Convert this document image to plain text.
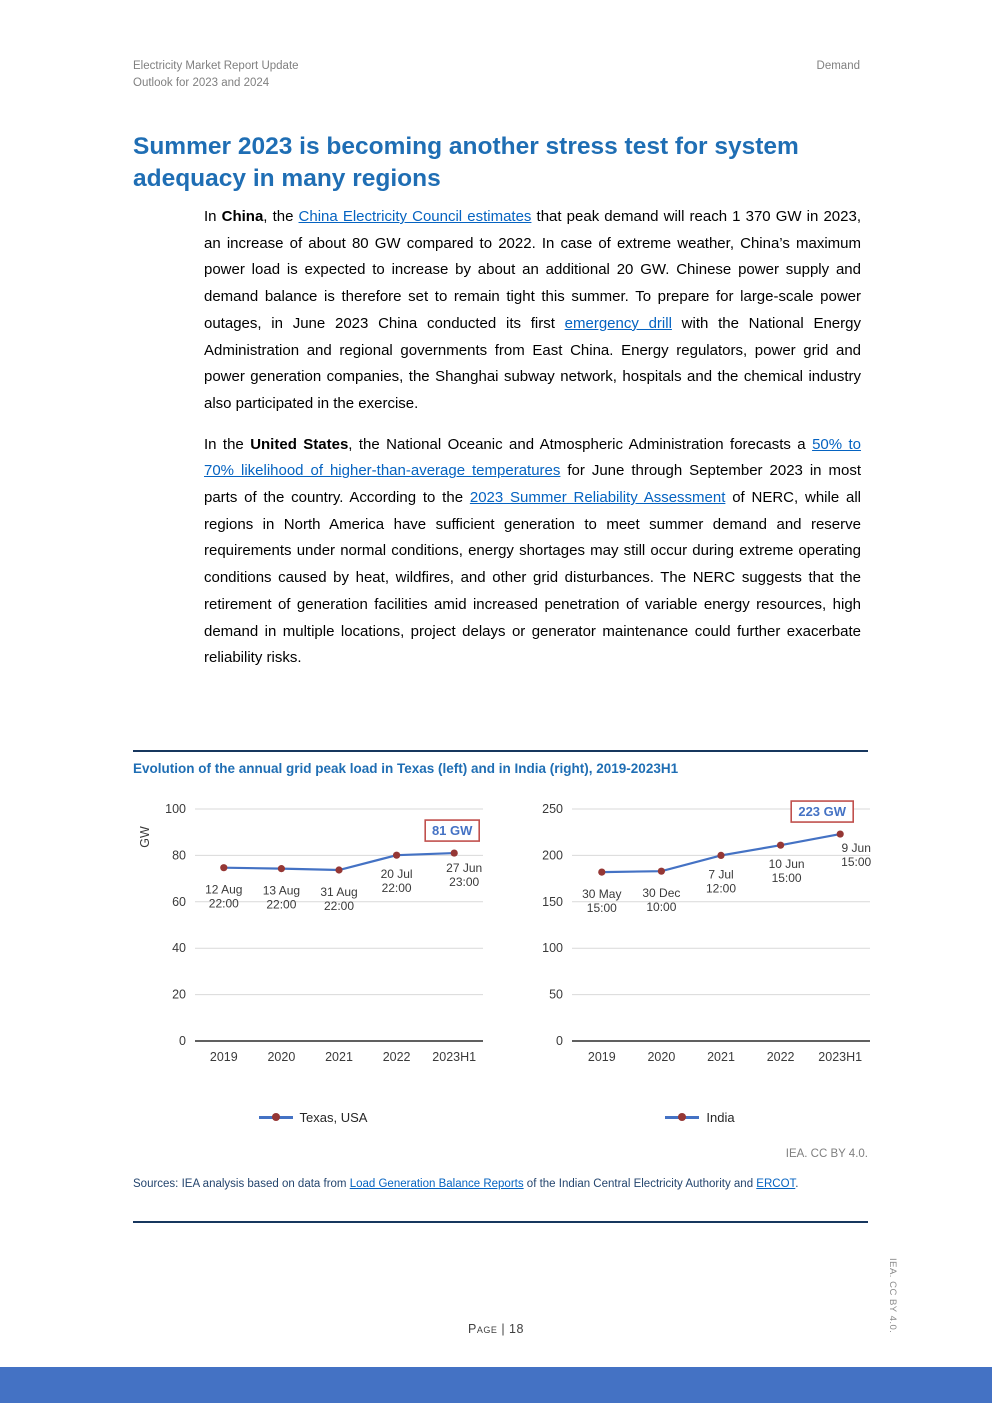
Electricity Market Report Update
Outlook for 2023 and 2024
Demand
Summer 2023 is becoming another stress test for system adequacy in many regions

In China, the China Electricity Council estimates that peak demand will reach 1 370 GW in 2023, an increase of about 80 GW compared to 2022. In case of extreme weather, China’s maximum power load is expected to increase by about an additional 20 GW. Chinese power supply and demand balance is therefore set to remain tight this summer. To prepare for large-scale power outages, in June 2023 China conducted its first emergency drill with the National Energy Administration and regional governments from East China. Energy regulators, power grid and power generation companies, the Shanghai subway network, hospitals and the chemical industry also participated in the exercise.

In the United States, the National Oceanic and Atmospheric Administration forecasts a 50% to 70% likelihood of higher-than-average temperatures for June through September 2023 in most parts of the country. According to the 2023 Summer Reliability Assessment of NERC, while all regions in North America have sufficient generation to meet summer demand and reserve requirements under normal conditions, energy shortages may still occur during extreme operating conditions caused by heat, wildfires, and other grid disturbances. The NERC suggests that the retirement of generation facilities amid increased penetration of variable energy resources, high demand in multiple locations, project delays or generator maintenance could further exacerbate reliability risks.

Evolution of the annual grid peak load in Texas (left) and in India (right), 2019-2023H1
0
20
40
60
80
100
2019 2020 2021 2022 2023H1
GW
12 Aug
22:00
13 Aug
22:00
31 Aug
22:00
20 Jul
22:00
27 Jun
23:00
81 GW
Texas, USA
0
50
100
150
200
250
2019	2020	2021	2022 2023H1
30 May
15:00
30 Dec
10:00
7 Jul
12:00
10 Jun
15:00
9 Jun
15:00
223 GW
India
IEA. CC BY 4.0.
Sources: IEA analysis based on data from Load Generation Balance Reports of the Indian Central Electricity Authority and ERCOT.
IEA. CC BY 4.0.
Page | 18
